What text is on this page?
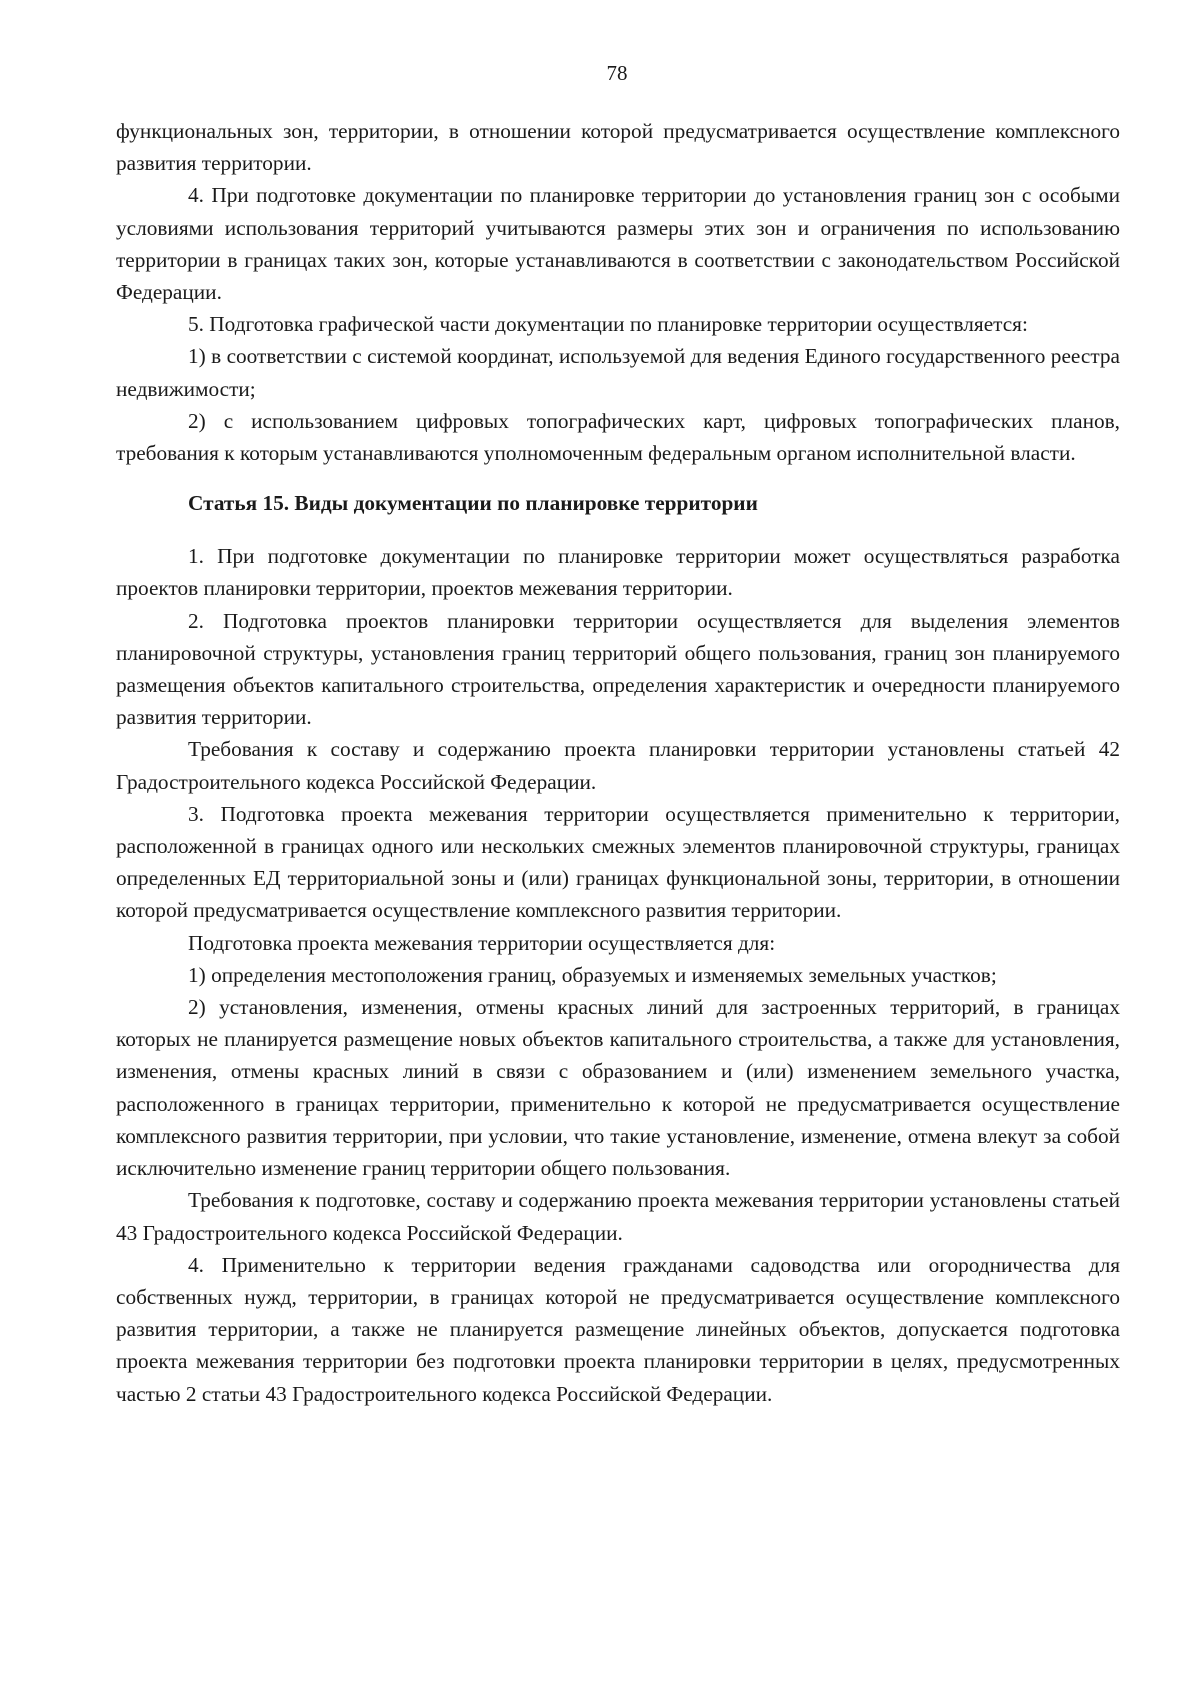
78

функциональных зон, территории, в отношении которой предусматривается осуществление комплексного развития территории.

4. При подготовке документации по планировке территории до установления границ зон с особыми условиями использования территорий учитываются размеры этих зон и ограничения по использованию территории в границах таких зон, которые устанавливаются в соответствии с законодательством Российской Федерации.

5. Подготовка графической части документации по планировке территории осуществляется:

1) в соответствии с системой координат, используемой для ведения Единого государственного реестра недвижимости;

2) с использованием цифровых топографических карт, цифровых топографических планов, требования к которым устанавливаются уполномоченным федеральным органом исполнительной власти.

Статья 15. Виды документации по планировке территории

1. При подготовке документации по планировке территории может осуществляться разработка проектов планировки территории, проектов межевания территории.

2. Подготовка проектов планировки территории осуществляется для выделения элементов планировочной структуры, установления границ территорий общего пользования, границ зон планируемого размещения объектов капитального строительства, определения характеристик и очередности планируемого развития территории.

Требования к составу и содержанию проекта планировки территории установлены статьей 42 Градостроительного кодекса Российской Федерации.

3. Подготовка проекта межевания территории осуществляется применительно к территории, расположенной в границах одного или нескольких смежных элементов планировочной структуры, границах определенных ЕД территориальной зоны и (или) границах функциональной зоны, территории, в отношении которой предусматривается осуществление комплексного развития территории.

Подготовка проекта межевания территории осуществляется для:

1) определения местоположения границ, образуемых и изменяемых земельных участков;

2) установления, изменения, отмены красных линий для застроенных территорий, в границах которых не планируется размещение новых объектов капитального строительства, а также для установления, изменения, отмены красных линий в связи с образованием и (или) изменением земельного участка, расположенного в границах территории, применительно к которой не предусматривается осуществление комплексного развития территории, при условии, что такие установление, изменение, отмена влекут за собой исключительно изменение границ территории общего пользования.

Требования к подготовке, составу и содержанию проекта межевания территории установлены статьей 43 Градостроительного кодекса Российской Федерации.

4. Применительно к территории ведения гражданами садоводства или огородничества для собственных нужд, территории, в границах которой не предусматривается осуществление комплексного развития территории, а также не планируется размещение линейных объектов, допускается подготовка проекта межевания территории без подготовки проекта планировки территории в целях, предусмотренных частью 2 статьи 43 Градостроительного кодекса Российской Федерации.
